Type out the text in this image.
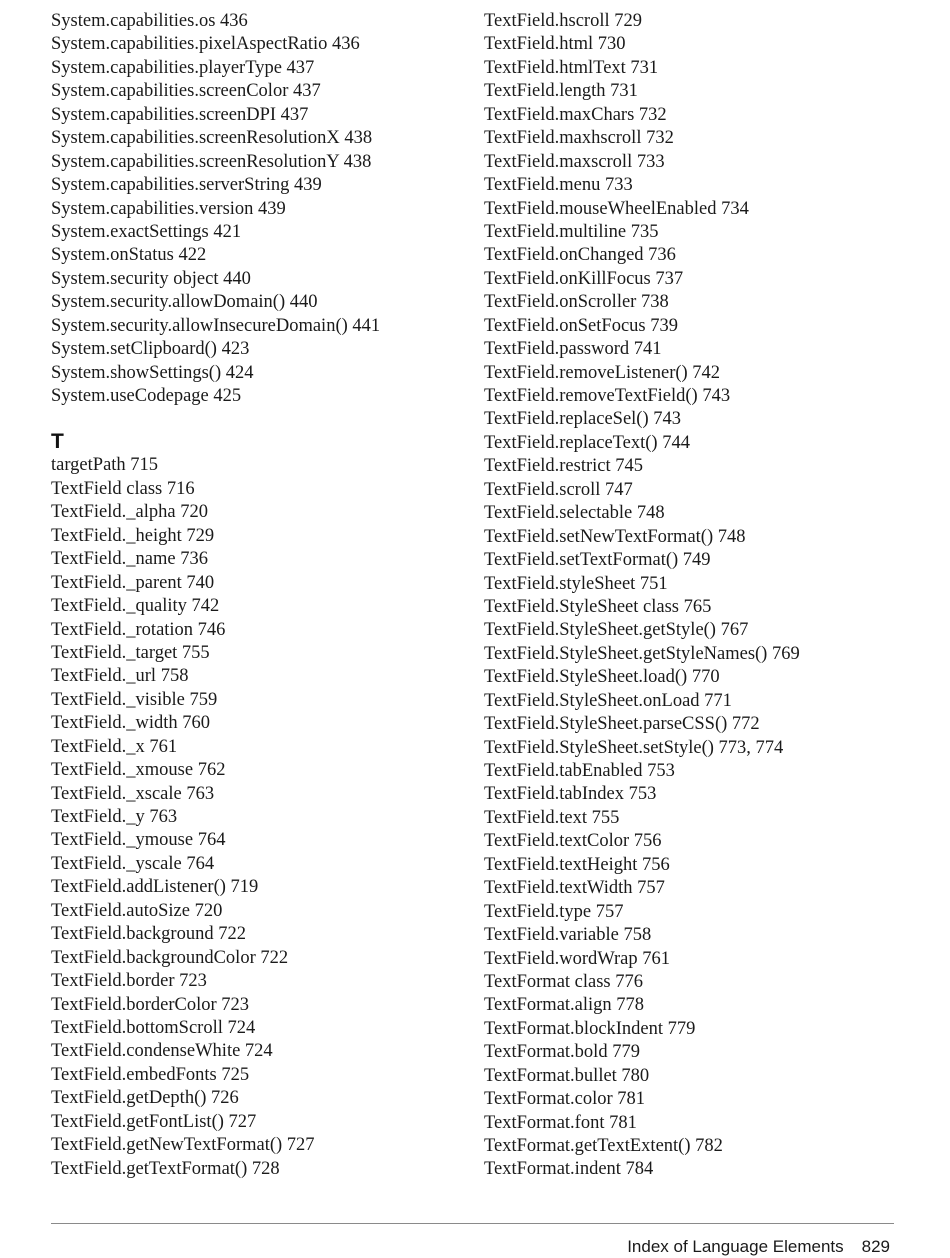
System.capabilities.os 436
System.capabilities.pixelAspectRatio 436
System.capabilities.playerType 437
System.capabilities.screenColor 437
System.capabilities.screenDPI 437
System.capabilities.screenResolutionX 438
System.capabilities.screenResolutionY 438
System.capabilities.serverString 439
System.capabilities.version 439
System.exactSettings 421
System.onStatus 422
System.security object 440
System.security.allowDomain() 440
System.security.allowInsecureDomain() 441
System.setClipboard() 423
System.showSettings() 424
System.useCodepage 425
T
targetPath 715
TextField class 716
TextField._alpha 720
TextField._height 729
TextField._name 736
TextField._parent 740
TextField._quality 742
TextField._rotation 746
TextField._target 755
TextField._url 758
TextField._visible 759
TextField._width 760
TextField._x 761
TextField._xmouse 762
TextField._xscale 763
TextField._y 763
TextField._ymouse 764
TextField._yscale 764
TextField.addListener() 719
TextField.autoSize 720
TextField.background 722
TextField.backgroundColor 722
TextField.border 723
TextField.borderColor 723
TextField.bottomScroll 724
TextField.condenseWhite 724
TextField.embedFonts 725
TextField.getDepth() 726
TextField.getFontList() 727
TextField.getNewTextFormat() 727
TextField.getTextFormat() 728
TextField.hscroll 729
TextField.html 730
TextField.htmlText 731
TextField.length 731
TextField.maxChars 732
TextField.maxhscroll 732
TextField.maxscroll 733
TextField.menu 733
TextField.mouseWheelEnabled 734
TextField.multiline 735
TextField.onChanged 736
TextField.onKillFocus 737
TextField.onScroller 738
TextField.onSetFocus 739
TextField.password 741
TextField.removeListener() 742
TextField.removeTextField() 743
TextField.replaceSel() 743
TextField.replaceText() 744
TextField.restrict 745
TextField.scroll 747
TextField.selectable 748
TextField.setNewTextFormat() 748
TextField.setTextFormat() 749
TextField.styleSheet 751
TextField.StyleSheet class 765
TextField.StyleSheet.getStyle() 767
TextField.StyleSheet.getStyleNames() 769
TextField.StyleSheet.load() 770
TextField.StyleSheet.onLoad 771
TextField.StyleSheet.parseCSS() 772
TextField.StyleSheet.setStyle() 773, 774
TextField.tabEnabled 753
TextField.tabIndex 753
TextField.text 755
TextField.textColor 756
TextField.textHeight 756
TextField.textWidth 757
TextField.type 757
TextField.variable 758
TextField.wordWrap 761
TextFormat class 776
TextFormat.align 778
TextFormat.blockIndent 779
TextFormat.bold 779
TextFormat.bullet 780
TextFormat.color 781
TextFormat.font 781
TextFormat.getTextExtent() 782
TextFormat.indent 784
Index of Language Elements 829
